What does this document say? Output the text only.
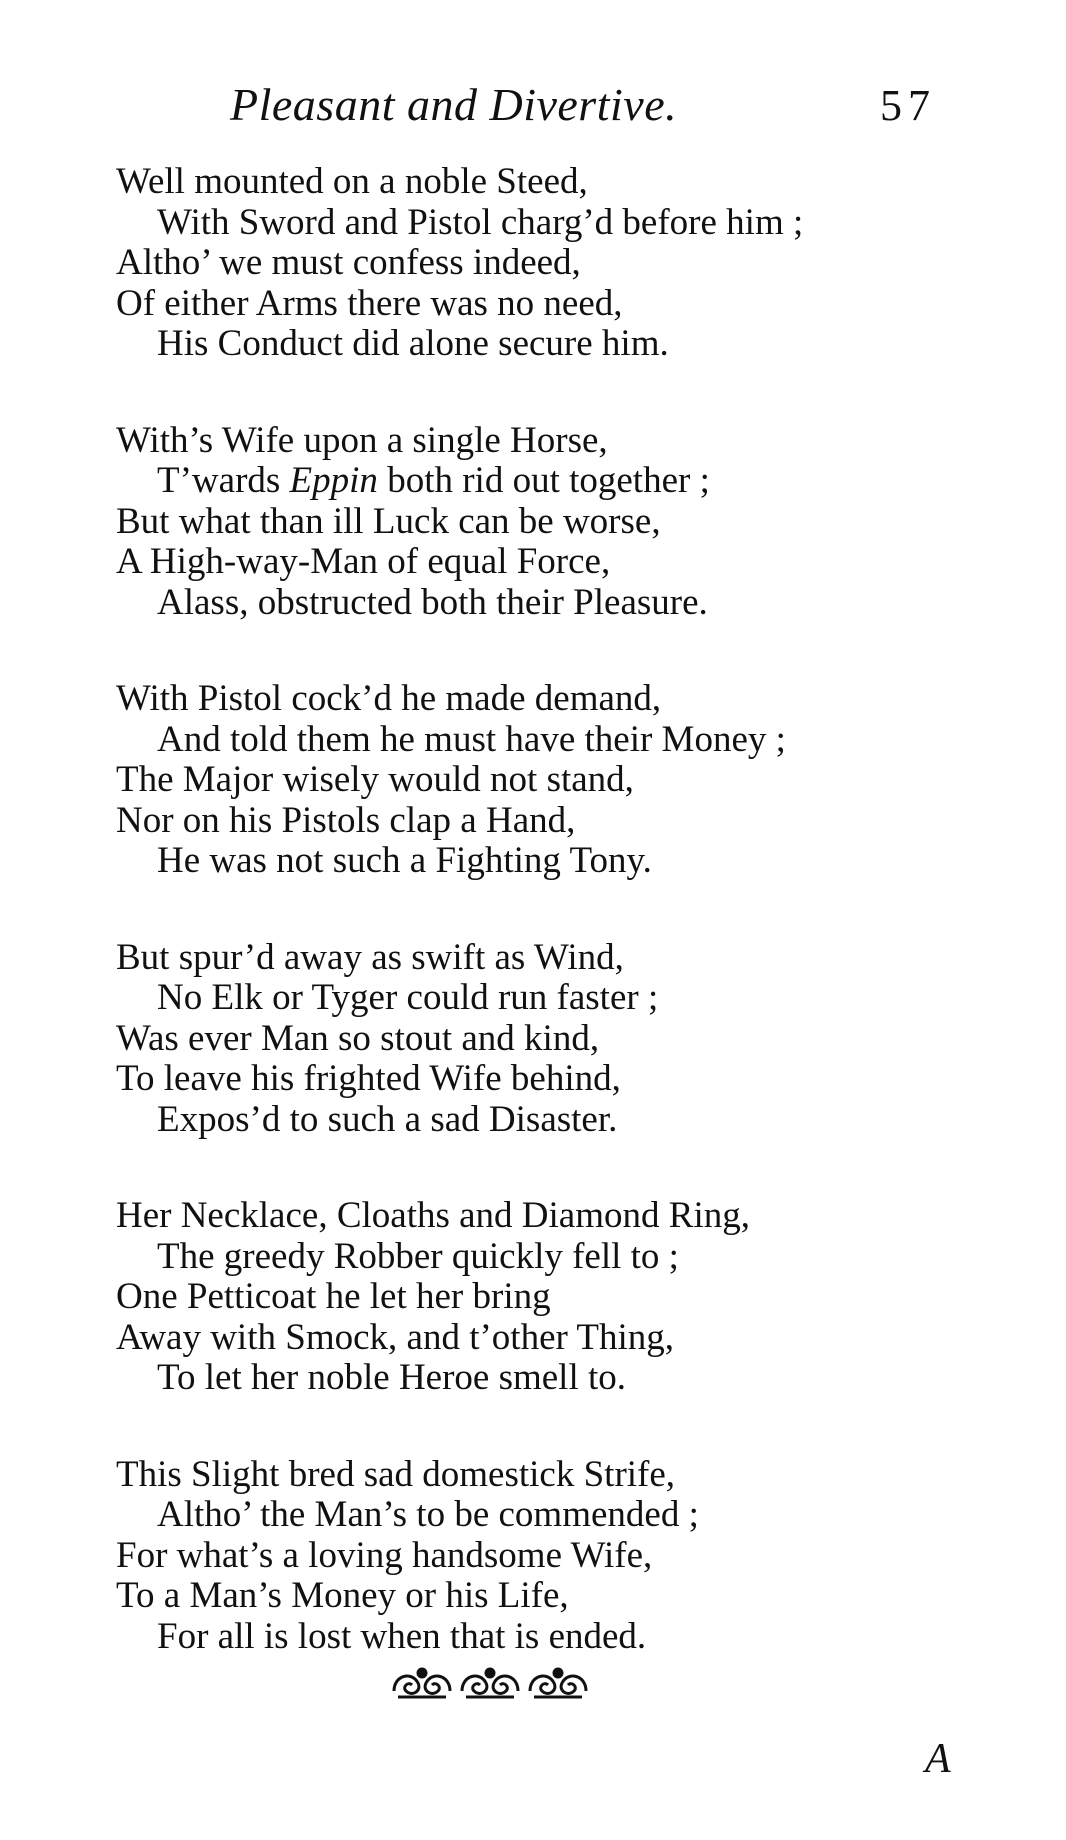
Pleasant and Divertive.	57
Well mounted on a noble Steed,
With Sword and Pistol charg’d before him ;
Altho’ we must confess indeed,
Of either Arms there was no need,
His Conduct did alone secure him.
With’s Wife upon a single Horse,
T’wards Eppin both rid out together ;
But what than ill Luck can be worse,
A High-way-Man of equal Force,
Alass, obstructed both their Pleasure.
With Pistol cock’d he made demand,
And told them he must have their Money ;
The Major wisely would not stand,
Nor on his Pistols clap a Hand,
He was not such a Fighting Tony.
But spur’d away as swift as Wind,
No Elk or Tyger could run faster ;
Was ever Man so stout and kind,
To leave his frighted Wife behind,
Expos’d to such a sad Disaster.
Her Necklace, Cloaths and Diamond Ring,
The greedy Robber quickly fell to ;
One Petticoat he let her bring
Away with Smock, and t’other Thing,
To let her noble Heroe smell to.
This Slight bred sad domestick Strife,
Altho’ the Man’s to be commended ;
For what’s a loving handsome Wife,
To a Man’s Money or his Life,
For all is lost when that is ended.
A
